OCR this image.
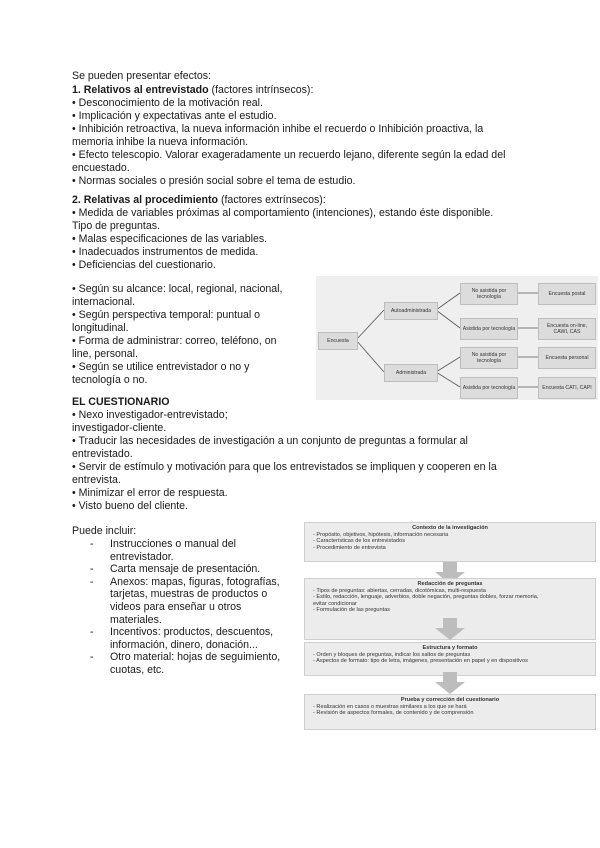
Se pueden presentar efectos:
1. Relativos al entrevistado (factores intrínsecos):
• Desconocimiento de la motivación real.
• Implicación y expectativas ante el estudio.
• Inhibición retroactiva, la nueva información inhibe el recuerdo o Inhibición proactiva, la
memoria inhibe la nueva información.
• Efecto telescopio. Valorar exageradamente un recuerdo lejano, diferente según la edad del
encuestado.
• Normas sociales o presión social sobre el tema de estudio.
2. Relativas al procedimiento (factores extrínsecos):
• Medida de variables próximas al comportamiento (intenciones), estando éste disponible.
Tipo de preguntas.
• Malas especificaciones de las variables.
• Inadecuados instrumentos de medida.
• Deficiencias del cuestionario.
• Según su alcance: local, regional, nacional,
internacional.
• Según perspectiva temporal: puntual o
longitudinal.
• Forma de administrar: correo, teléfono, on
line, personal.
• Según se utilice entrevistador o no y
tecnología o no.
Encuesta
Autoadministrada
Administrada
No asistida por tecnología
Asistida por tecnología
No asistida por tecnología
Asistida por tecnología
Encuesta postal
Encuesta on-line, CAWI, CAS
Encuesta personal
Encuesta CATI, CAPI
EL CUESTIONARIO
• Nexo investigador-entrevistado;
investigador-cliente.
• Traducir las necesidades de investigación a un conjunto de preguntas a formular al
entrevistado.
• Servir de estímulo y motivación para que los entrevistados se impliquen y cooperen en la
entrevista.
• Minimizar el error de respuesta.
• Visto bueno del cliente.
Puede incluir:
- Instrucciones o manual del
entrevistador.
- Carta mensaje de presentación.
- Anexos: mapas, figuras, fotografías,
tarjetas, muestras de productos o
videos para enseñar u otros
materiales.
- Incentivos: productos, descuentos,
información, dinero, donación...
- Otro material: hojas de seguimiento,
cuotas, etc.
Contexto de la investigación
- Propósito, objetivos, hipótesis, información necesaria
- Características de los entrevistados
- Procedimiento de entrevista
Redacción de preguntas
- Tipos de preguntas: abiertas, cerradas, dicotómicas, multi-respuesta
- Estilo, redacción, lenguaje, adverbios, doble negación, preguntas dobles, forzar memoria,
evitar condicionar
- Formulación de las preguntas
Estructura y formato
- Orden y bloques de preguntas, indicar los saltos de preguntas
- Aspectos de formato: tipo de letra, imágenes, presentación en papel y en dispositivos
Prueba y corrección del cuestionario
- Realización en casos o muestras similares a los que se hará
- Revisión de aspectos formales, de contenido y de comprensión
